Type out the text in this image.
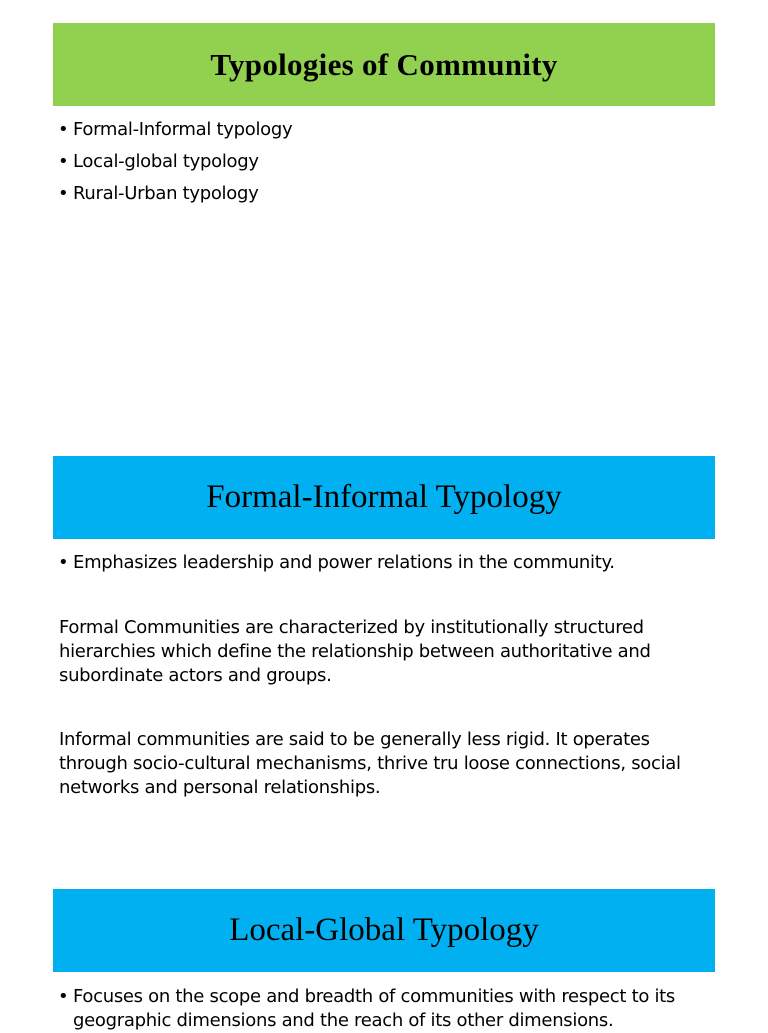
Typologies of Community
• Formal-Informal typology
• Local-global typology
• Rural-Urban typology
Formal-Informal Typology
• Emphasizes leadership and power relations in the community.

Formal Communities are characterized by institutionally structured hierarchies which define the relationship between authoritative and subordinate actors and groups.

Informal communities are said to be generally less rigid. It operates through socio-cultural mechanisms, thrive tru loose connections, social networks and personal relationships.

Local-Global Typology
• Focuses on the scope and breadth of communities with respect to its geographic dimensions and the reach of its other dimensions.
